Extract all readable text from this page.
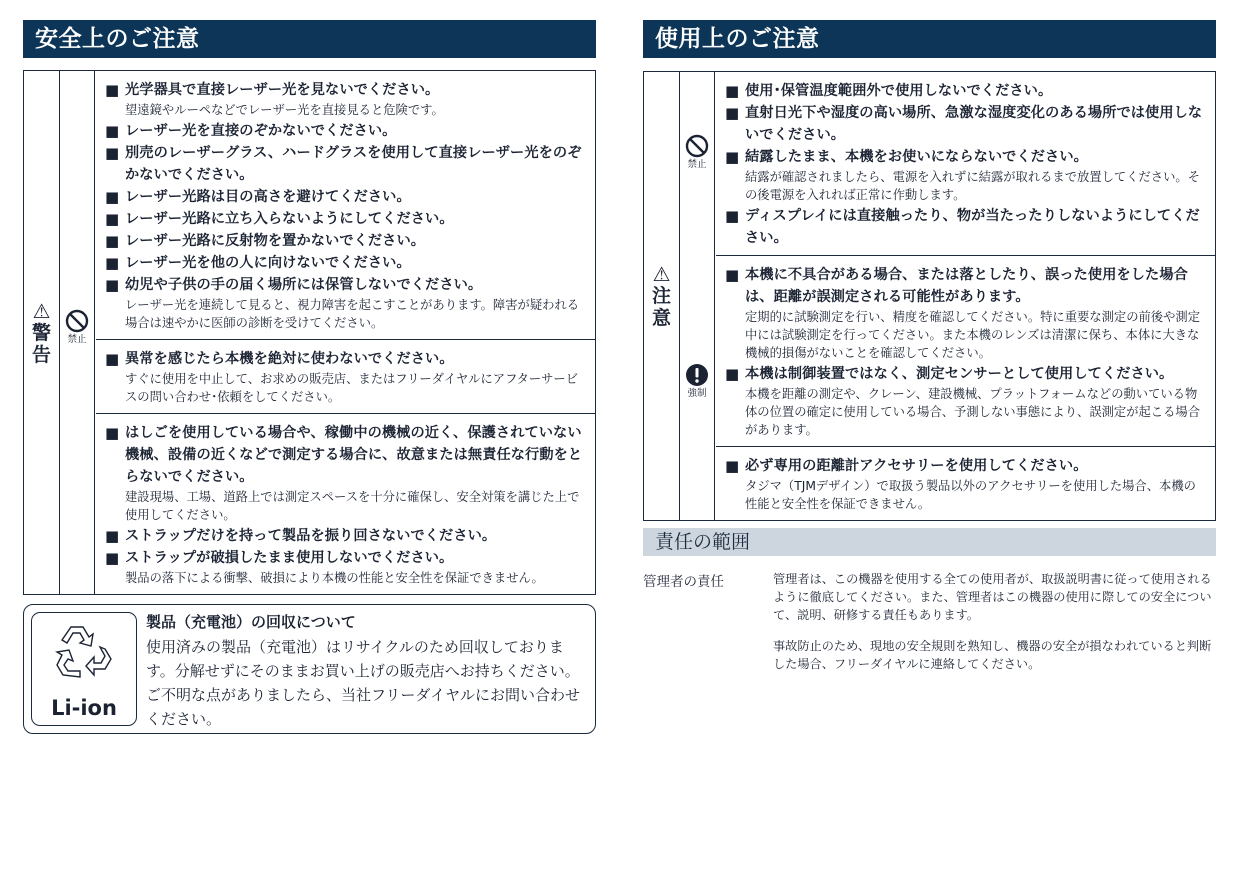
安全上のご注意
⚠
警告
禁止
■ 光学器具で直接レーザー光を見ないでください。
望遠鏡やルーペなどでレーザー光を直接見ると危険です。
■ レーザー光を直接のぞかないでください。
■ 別売のレーザーグラス、ハードグラスを使用して直接レーザー光をのぞかないでください。
■ レーザー光路は目の高さを避けてください。
■ レーザー光路に立ち入らないようにしてください。
■ レーザー光路に反射物を置かないでください。
■ レーザー光を他の人に向けないでください。
■ 幼児や子供の手の届く場所には保管しないでください。
レーザー光を連続して見ると、視力障害を起こすことがあります。障害が疑われる場合は速やかに医師の診断を受けてください。
■ 異常を感じたら本機を絶対に使わないでください。
すぐに使用を中止して、お求めの販売店、またはフリーダイヤルにアフターサービスの問い合わせ･依頼をしてください。
■ はしごを使用している場合や、稼働中の機械の近く、保護されていない機械、設備の近くなどで測定する場合に、故意または無責任な行動をとらないでください。
建設現場、工場、道路上では測定スペースを十分に確保し、安全対策を講じた上で使用してください。
■ ストラップだけを持って製品を振り回さないでください。
■ ストラップが破損したまま使用しないでください。
製品の落下による衝撃、破損により本機の性能と安全性を保証できません。
使用上のご注意
⚠
注意
禁止
強制
■ 使用･保管温度範囲外で使用しないでください。
■ 直射日光下や湿度の高い場所、急激な湿度変化のある場所では使用しないでください。
■ 結露したまま、本機をお使いにならないでください。
結露が確認されましたら、電源を入れずに結露が取れるまで放置してください。その後電源を入れれば正常に作動します。
■ ディスプレイには直接触ったり、物が当たったりしないようにしてください。
■ 本機に不具合がある場合、または落としたり、誤った使用をした場合は、距離が誤測定される可能性があります。
定期的に試験測定を行い、精度を確認してください。特に重要な測定の前後や測定中には試験測定を行ってください。また本機のレンズは清潔に保ち、本体に大きな機械的損傷がないことを確認してください。
■ 本機は制御装置ではなく、測定センサーとして使用してください。
本機を距離の測定や、クレーン、建設機械、プラットフォームなどの動いている物体の位置の確定に使用している場合、予測しない事態により、誤測定が起こる場合があります。
■ 必ず専用の距離計アクセサリーを使用してください。
タジマ（TJMデザイン）で取扱う製品以外のアクセサリーを使用した場合、本機の性能と安全性を保証できません。
Li-ion
製品（充電池）の回収について
使用済みの製品（充電池）はリサイクルのため回収しております。分解せずにそのままお買い上げの販売店へお持ちください。ご不明な点がありましたら、当社フリーダイヤルにお問い合わせください。
責任の範囲
管理者の責任	管理者は、この機器を使用する全ての使用者が、取扱説明書に従って使用されるように徹底してください。また、管理者はこの機器の使用に際しての安全について、説明、研修する責任もあります。
事故防止のため、現地の安全規則を熟知し、機器の安全が損なわれていると判断した場合、フリーダイヤルに連絡してください。
